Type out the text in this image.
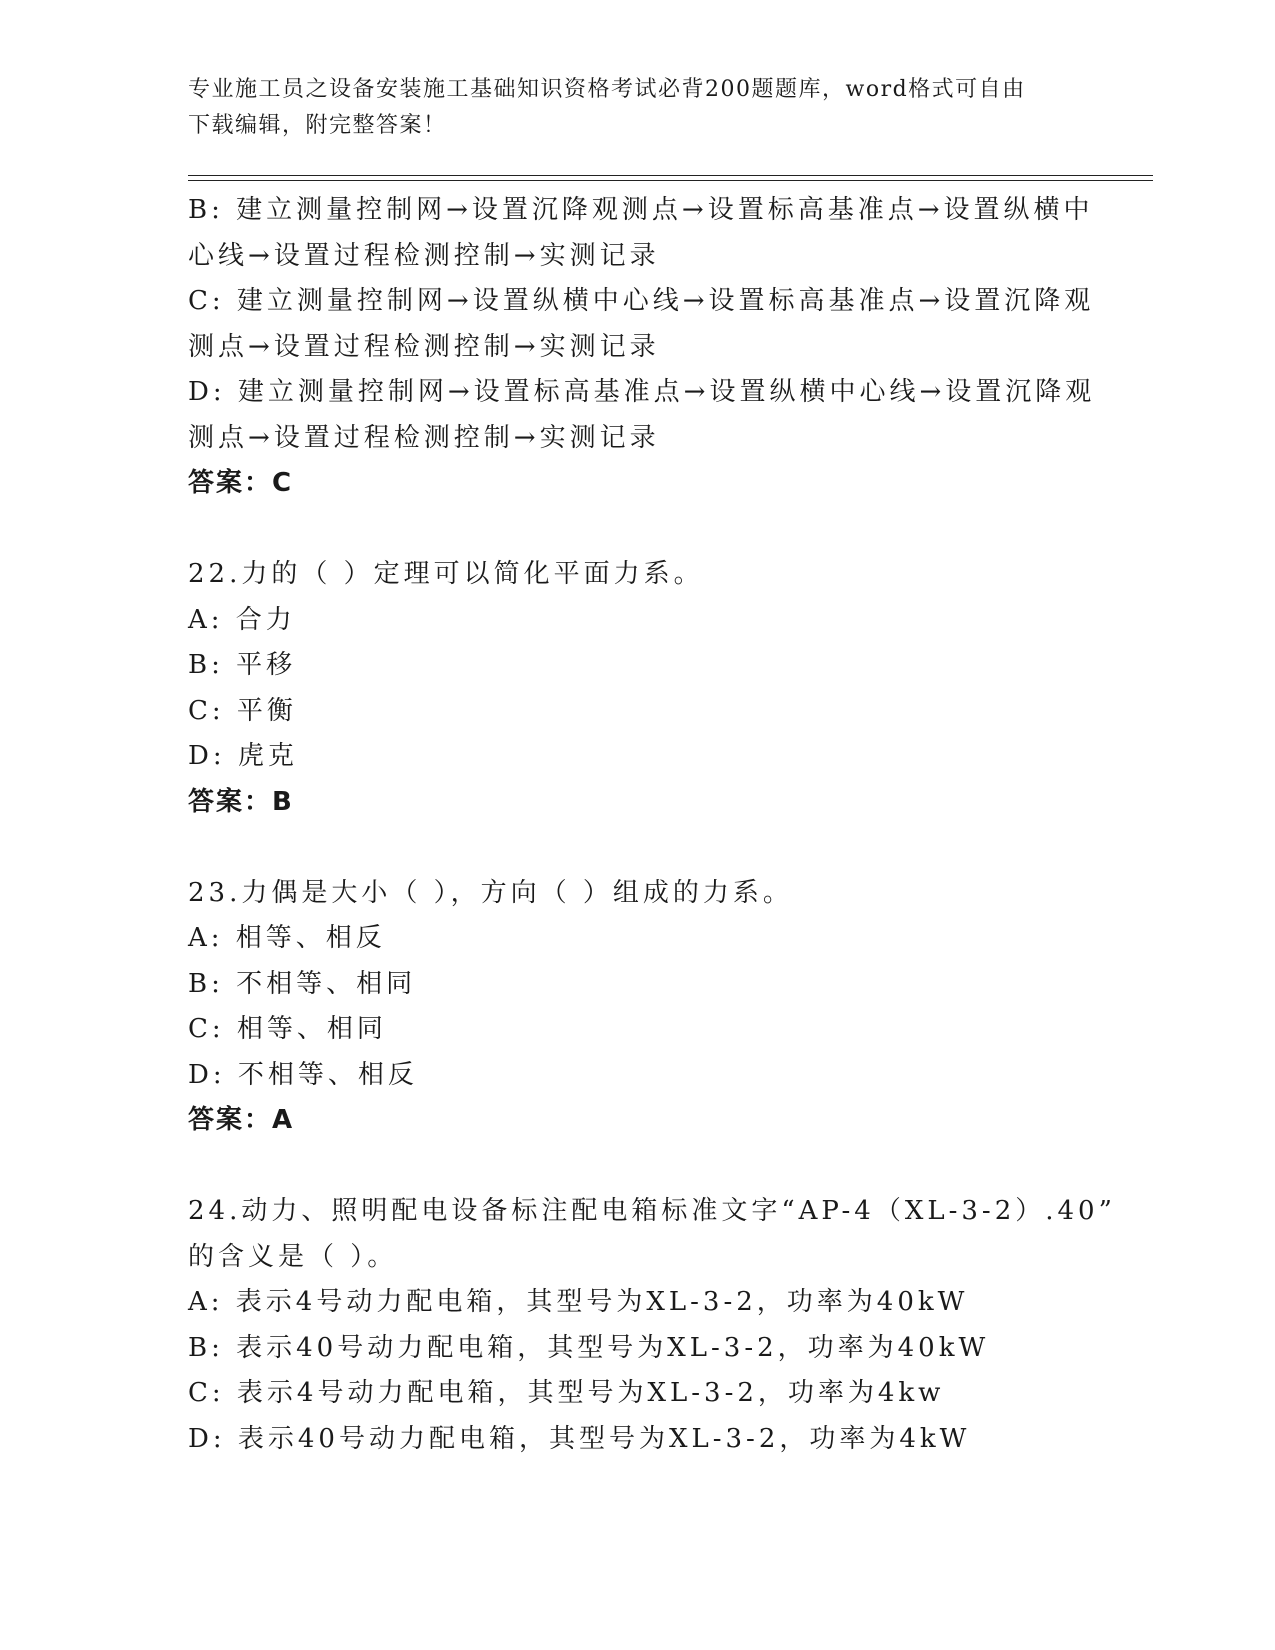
专业施工员之设备安装施工基础知识资格考试必背200题题库，word格式可自由
下载编辑，附完整答案！
B: 建立测量控制网→设置沉降观测点→设置标高基准点→设置纵横中
心线→设置过程检测控制→实测记录
C: 建立测量控制网→设置纵横中心线→设置标高基准点→设置沉降观
测点→设置过程检测控制→实测记录
D: 建立测量控制网→设置标高基准点→设置纵横中心线→设置沉降观
测点→设置过程检测控制→实测记录
答案：C
22.力的（ ）定理可以简化平面力系。
A: 合力
B: 平移
C: 平衡
D: 虎克
答案：B
23.力偶是大小（ ），方向（ ）组成的力系。
A: 相等、相反
B: 不相等、相同
C: 相等、相同
D: 不相等、相反
答案：A
24.动力、照明配电设备标注配电箱标准文字“AP-4（XL-3-2）.40”
的含义是（ ）。
A: 表示4号动力配电箱，其型号为XL-3-2，功率为40kW
B: 表示40号动力配电箱，其型号为XL-3-2，功率为40kW
C: 表示4号动力配电箱，其型号为XL-3-2，功率为4kw
D: 表示40号动力配电箱，其型号为XL-3-2，功率为4kW
